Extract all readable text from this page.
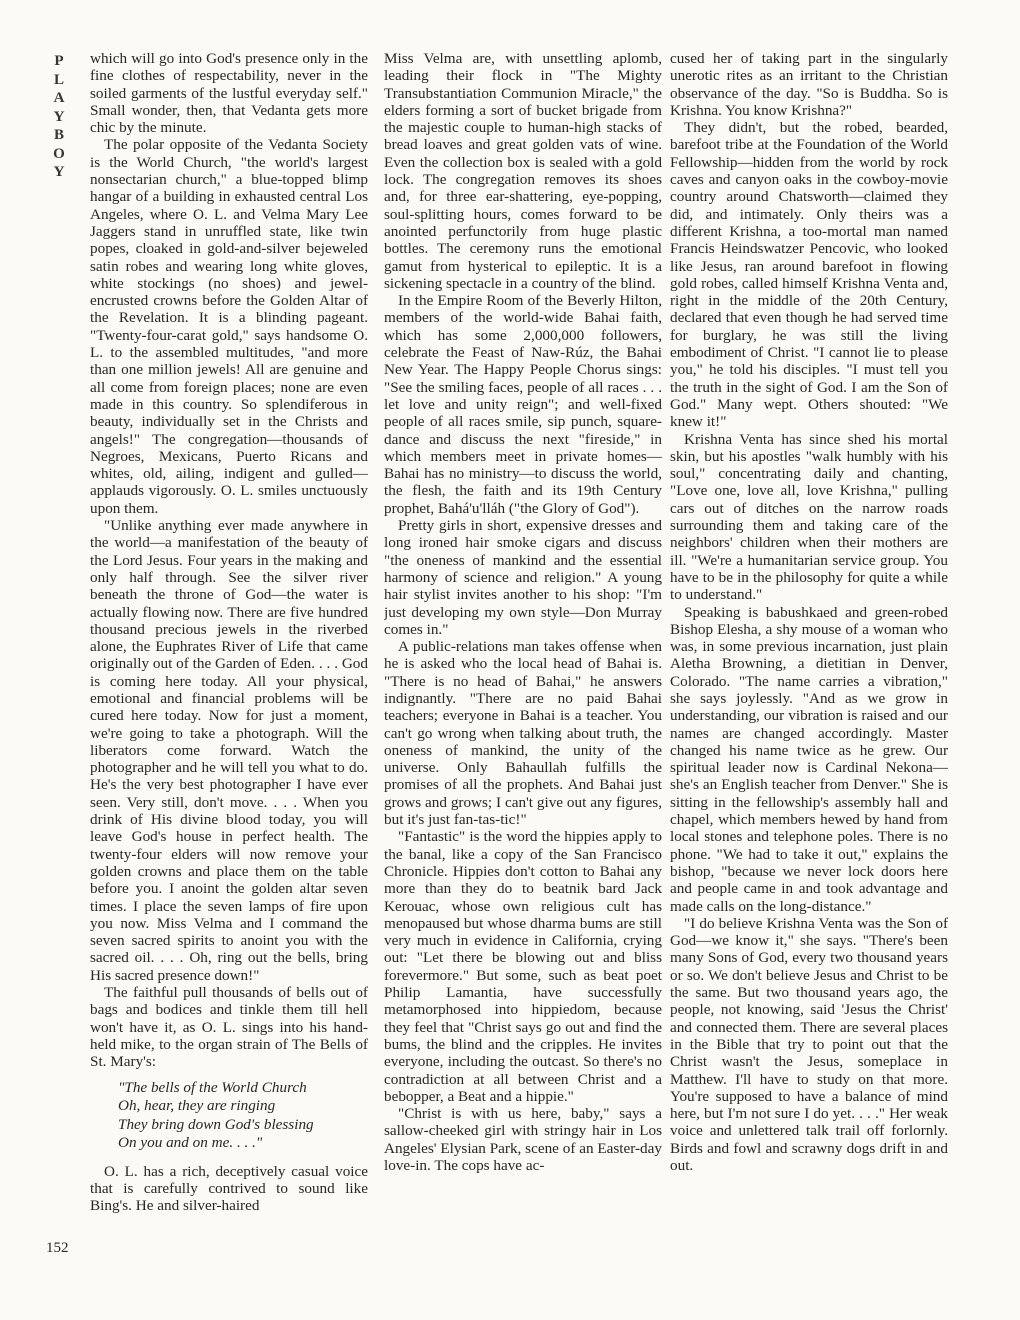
P
L
A
Y
B
O
Y

which will go into God's presence only in the fine clothes of respectability, never in the soiled garments of the lustful everyday self." Small wonder, then, that Vedanta gets more chic by the minute.

The polar opposite of the Vedanta Society is the World Church, "the world's largest nonsectarian church," a blue-topped blimp hangar of a building in exhausted central Los Angeles, where O. L. and Velma Mary Lee Jaggers stand in unruffled state, like twin popes, cloaked in gold-and-silver bejeweled satin robes and wearing long white gloves, white stockings (no shoes) and jewel-encrusted crowns before the Golden Altar of the Revelation. It is a blinding pageant. "Twenty-four-carat gold," says handsome O. L. to the assembled multitudes, "and more than one million jewels! All are genuine and all come from foreign places; none are even made in this country. So splendiferous in beauty, individually set in the Christs and angels!" The congregation—thousands of Negroes, Mexicans, Puerto Ricans and whites, old, ailing, indigent and gulled—applauds vigorously. O. L. smiles unctuously upon them.

"Unlike anything ever made anywhere in the world—a manifestation of the beauty of the Lord Jesus. Four years in the making and only half through. See the silver river beneath the throne of God—the water is actually flowing now. There are five hundred thousand precious jewels in the riverbed alone, the Euphrates River of Life that came originally out of the Garden of Eden. . . . God is coming here today. All your physical, emotional and financial problems will be cured here today. Now for just a moment, we're going to take a photograph. Will the liberators come forward. Watch the photographer and he will tell you what to do. He's the very best photographer I have ever seen. Very still, don't move. . . . When you drink of His divine blood today, you will leave God's house in perfect health. The twenty-four elders will now remove your golden crowns and place them on the table before you. I anoint the golden altar seven times. I place the seven lamps of fire upon you now. Miss Velma and I command the seven sacred spirits to anoint you with the sacred oil. . . . Oh, ring out the bells, bring His sacred presence down!"

The faithful pull thousands of bells out of bags and bodices and tinkle them till hell won't have it, as O. L. sings into his hand-held mike, to the organ strain of The Bells of St. Mary's:

"The bells of the World Church
Oh, hear, they are ringing
They bring down God's blessing
On you and on me. . . ."

O. L. has a rich, deceptively casual voice that is carefully contrived to sound like Bing's. He and silver-haired

Miss Velma are, with unsettling aplomb, leading their flock in "The Mighty Transubstantiation Communion Miracle," the elders forming a sort of bucket brigade from the majestic couple to human-high stacks of bread loaves and great golden vats of wine. Even the collection box is sealed with a gold lock. The congregation removes its shoes and, for three ear-shattering, eye-popping, soul-splitting hours, comes forward to be anointed perfunctorily from huge plastic bottles. The ceremony runs the emotional gamut from hysterical to epileptic. It is a sickening spectacle in a country of the blind.

In the Empire Room of the Beverly Hilton, members of the world-wide Bahai faith, which has some 2,000,000 followers, celebrate the Feast of Naw-Rúz, the Bahai New Year. The Happy People Chorus sings: "See the smiling faces, people of all races . . . let love and unity reign"; and well-fixed people of all races smile, sip punch, square-dance and discuss the next "fireside," in which members meet in private homes—Bahai has no ministry—to discuss the world, the flesh, the faith and its 19th Century prophet, Bahá'u'lláh ("the Glory of God").

Pretty girls in short, expensive dresses and long ironed hair smoke cigars and discuss "the oneness of mankind and the essential harmony of science and religion." A young hair stylist invites another to his shop: "I'm just developing my own style—Don Murray comes in."

A public-relations man takes offense when he is asked who the local head of Bahai is. "There is no head of Bahai," he answers indignantly. "There are no paid Bahai teachers; everyone in Bahai is a teacher. You can't go wrong when talking about truth, the oneness of mankind, the unity of the universe. Only Bahaullah fulfills the promises of all the prophets. And Bahai just grows and grows; I can't give out any figures, but it's just fan-tas-tic!"

"Fantastic" is the word the hippies apply to the banal, like a copy of the San Francisco Chronicle. Hippies don't cotton to Bahai any more than they do to beatnik bard Jack Kerouac, whose own religious cult has menopaused but whose dharma bums are still very much in evidence in California, crying out: "Let there be blowing out and bliss forevermore." But some, such as beat poet Philip Lamantia, have successfully metamorphosed into hippiedom, because they feel that "Christ says go out and find the bums, the blind and the cripples. He invites everyone, including the outcast. So there's no contradiction at all between Christ and a bebopper, a Beat and a hippie."

"Christ is with us here, baby," says a sallow-cheeked girl with stringy hair in Los Angeles' Elysian Park, scene of an Easter-day love-in. The cops have ac-

cused her of taking part in the singularly unerotic rites as an irritant to the Christian observance of the day. "So is Buddha. So is Krishna. You know Krishna?"

They didn't, but the robed, bearded, barefoot tribe at the Foundation of the World Fellowship—hidden from the world by rock caves and canyon oaks in the cowboy-movie country around Chatsworth—claimed they did, and intimately. Only theirs was a different Krishna, a too-mortal man named Francis Heindswatzer Pencovic, who looked like Jesus, ran around barefoot in flowing gold robes, called himself Krishna Venta and, right in the middle of the 20th Century, declared that even though he had served time for burglary, he was still the living embodiment of Christ. "I cannot lie to please you," he told his disciples. "I must tell you the truth in the sight of God. I am the Son of God." Many wept. Others shouted: "We knew it!"

Krishna Venta has since shed his mortal skin, but his apostles "walk humbly with his soul," concentrating daily and chanting, "Love one, love all, love Krishna," pulling cars out of ditches on the narrow roads surrounding them and taking care of the neighbors' children when their mothers are ill. "We're a humanitarian service group. You have to be in the philosophy for quite a while to understand."

Speaking is babushkaed and green-robed Bishop Elesha, a shy mouse of a woman who was, in some previous incarnation, just plain Aletha Browning, a dietitian in Denver, Colorado. "The name carries a vibration," she says joylessly. "And as we grow in understanding, our vibration is raised and our names are changed accordingly. Master changed his name twice as he grew. Our spiritual leader now is Cardinal Nekona—she's an English teacher from Denver." She is sitting in the fellowship's assembly hall and chapel, which members hewed by hand from local stones and telephone poles. There is no phone. "We had to take it out," explains the bishop, "because we never lock doors here and people came in and took advantage and made calls on the long-distance."

"I do believe Krishna Venta was the Son of God—we know it," she says. "There's been many Sons of God, every two thousand years or so. We don't believe Jesus and Christ to be the same. But two thousand years ago, the people, not knowing, said 'Jesus the Christ' and connected them. There are several places in the Bible that try to point out that the Christ wasn't the Jesus, someplace in Matthew. I'll have to study on that more. You're supposed to have a balance of mind here, but I'm not sure I do yet. . . ." Her weak voice and unlettered talk trail off forlornly. Birds and fowl and scrawny dogs drift in and out.

152
